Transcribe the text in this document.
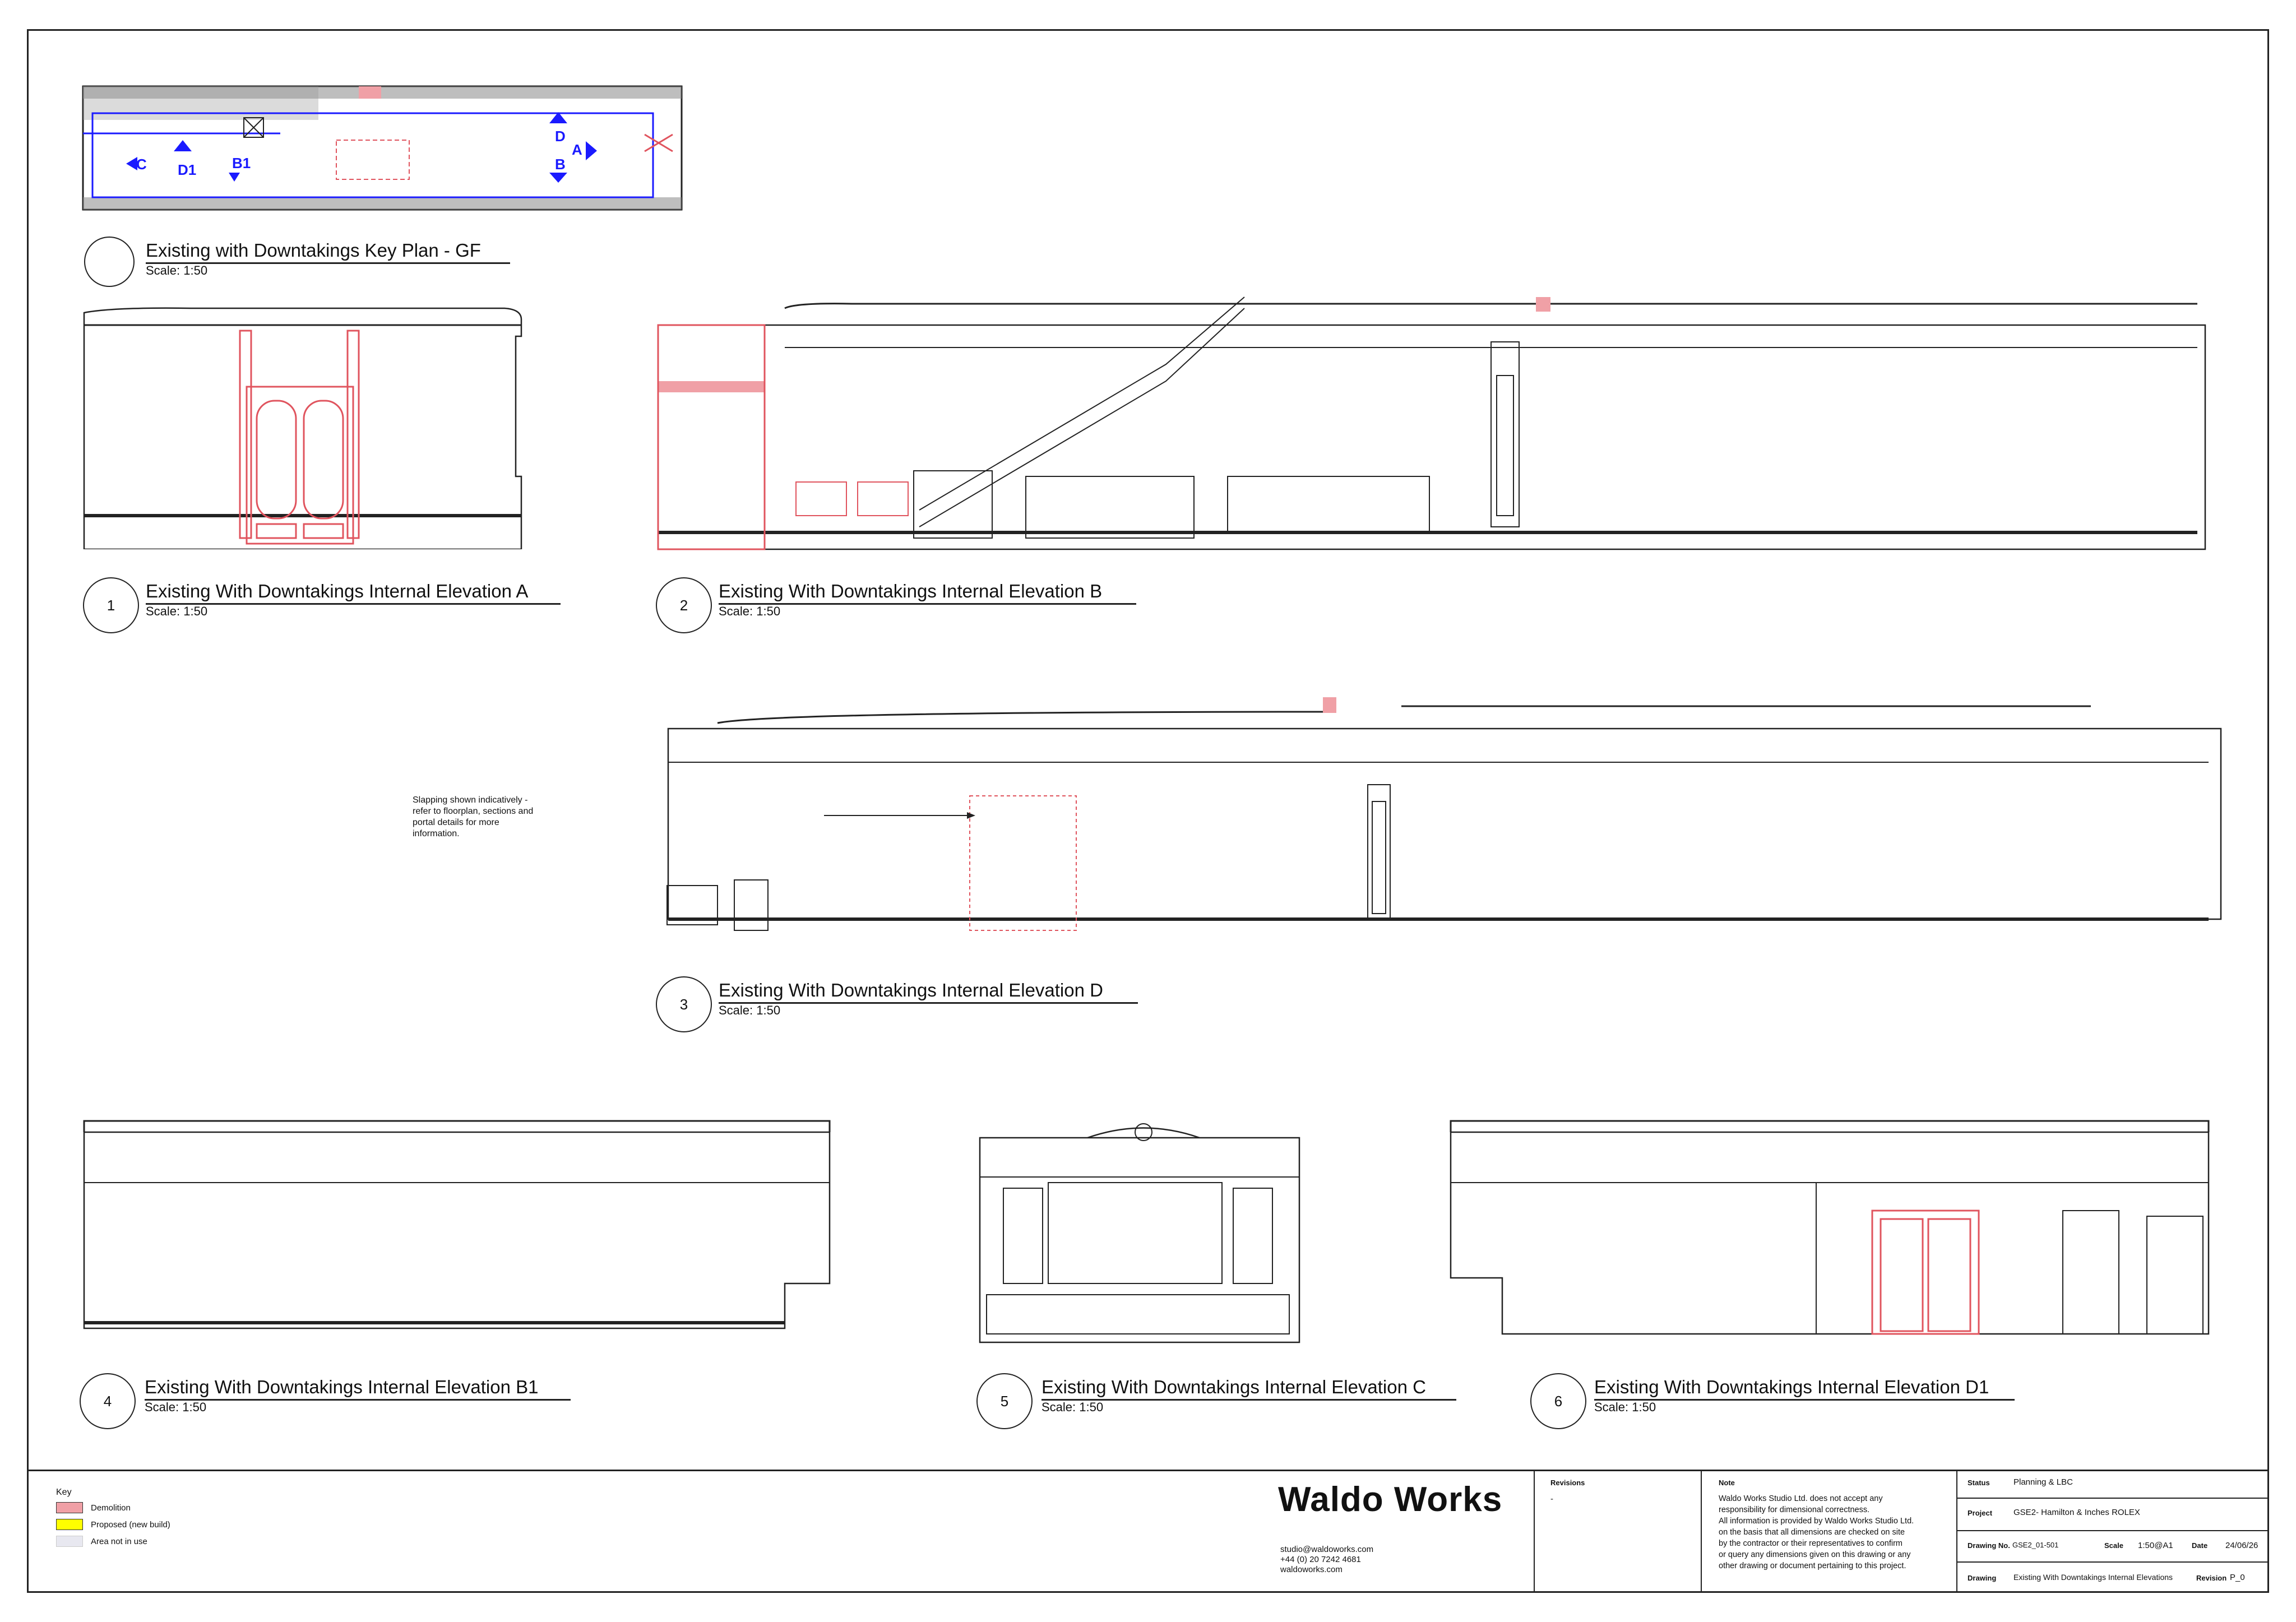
C D1 B1
D
A
B
Existing with Downtakings Key Plan - GF
Scale: 1:50
1
Existing With Downtakings Internal Elevation A
Scale: 1:50	2
Existing With Downtakings Internal Elevation B
Scale: 1:50
Slapping shown indicatively -
refer to floorplan, sections and
portal details for more
information.
3
Existing With Downtakings Internal Elevation D
Scale: 1:50
4
Existing With Downtakings Internal Elevation B1
Scale: 1:50	5
Existing With Downtakings Internal Elevation C
Scale: 1:50	6
Existing With Downtakings Internal Elevation D1
Scale: 1:50
Key
Demolition
Proposed (new build)
Area not in use
Waldo Works
studio@waldoworks.com
+44 (0) 20 7242 4681
waldoworks.com
Revisions
-
Note
Waldo Works Studio Ltd. does not accept any
responsibility for dimensional correctness.
All information is provided by Waldo Works Studio Ltd.
on the basis that all dimensions are checked on site
by the contractor or their representatives to confirm
or query any dimensions given on this drawing or any
other drawing or document pertaining to this project.
Status	Planning & LBC
Project	GSE2- Hamilton & Inches ROLEX
Drawing No. GSE2_01-501	Scale 1:50@A1	Date 24/06/26
Drawing Existing With Downtakings Internal Elevations	Revision P_0
